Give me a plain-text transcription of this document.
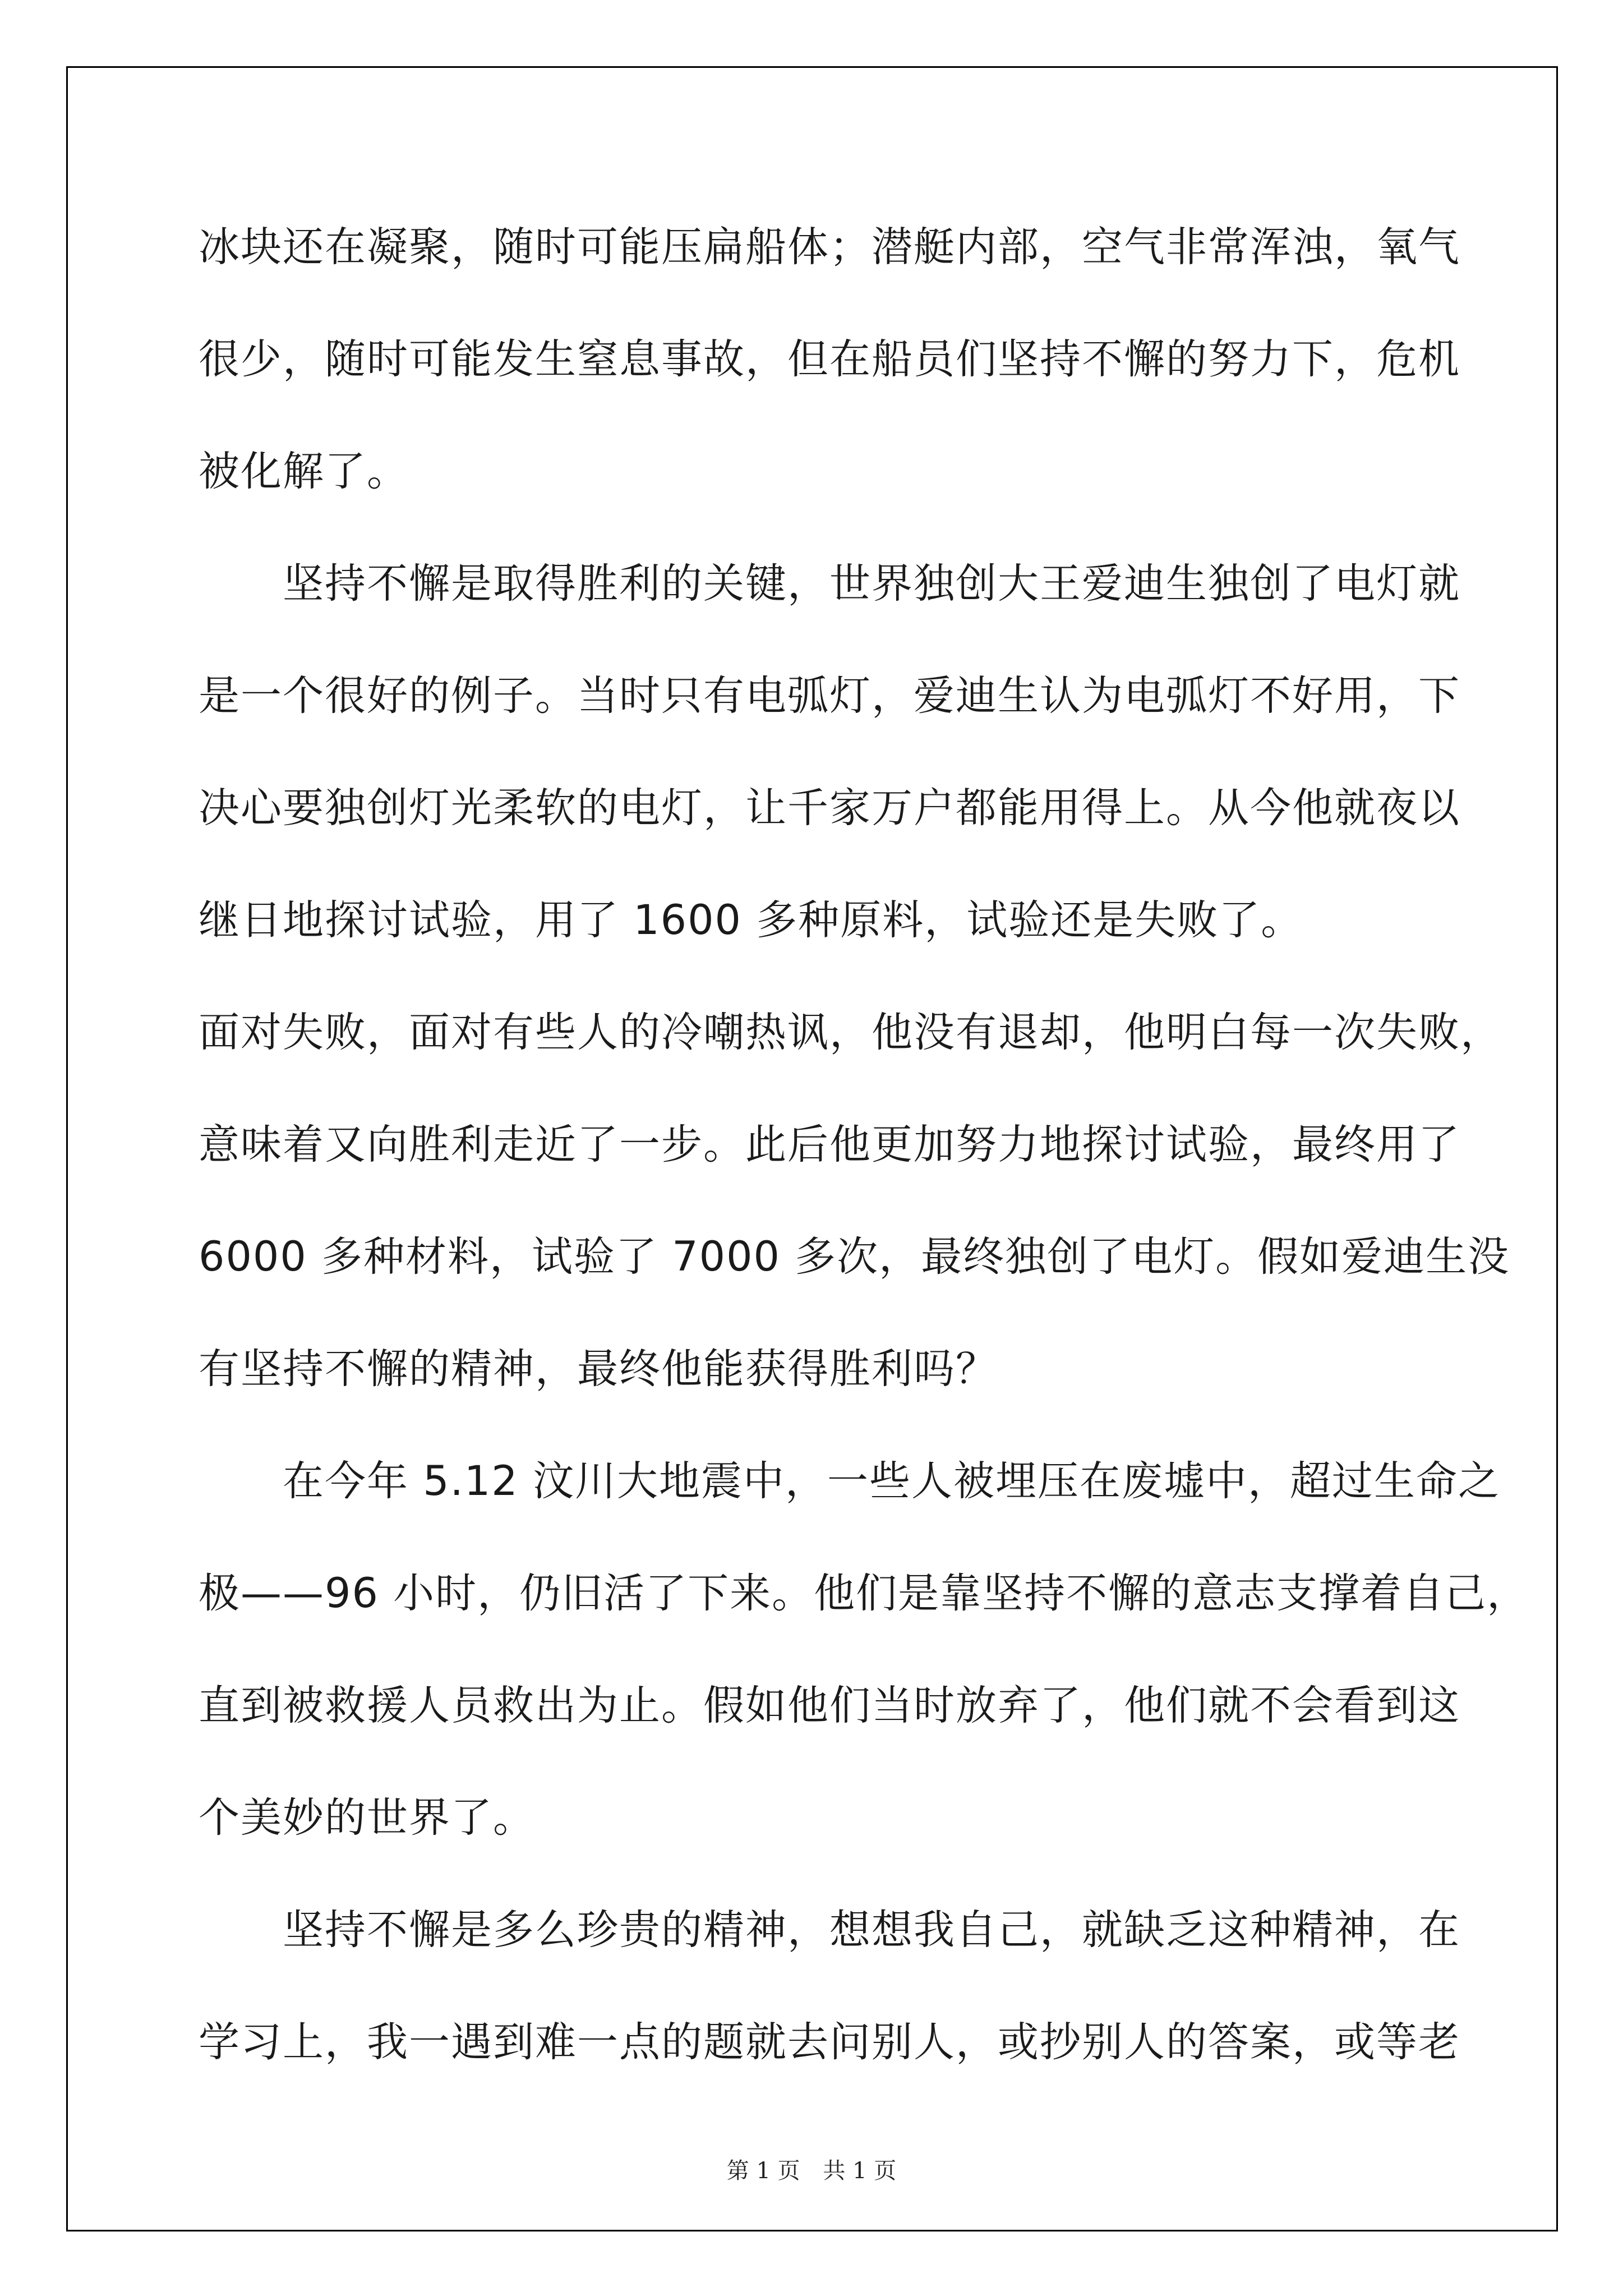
冰块还在凝聚，随时可能压扁船体；潜艇内部，空气非常浑浊，氧气
很少，随时可能发生窒息事故，但在船员们坚持不懈的努力下，危机
被化解了。
坚持不懈是取得胜利的关键，世界独创大王爱迪生独创了电灯就
是一个很好的例子。当时只有电弧灯，爱迪生认为电弧灯不好用，下
决心要独创灯光柔软的电灯，让千家万户都能用得上。从今他就夜以
继日地探讨试验，用了 1600 多种原料，试验还是失败了。
面对失败，面对有些人的冷嘲热讽，他没有退却，他明白每一次失败，
意味着又向胜利走近了一步。此后他更加努力地探讨试验，最终用了
6000 多种材料，试验了 7000 多次，最终独创了电灯。假如爱迪生没
有坚持不懈的精神，最终他能获得胜利吗？
在今年 5.12 汶川大地震中，一些人被埋压在废墟中，超过生命之
极——96 小时，仍旧活了下来。他们是靠坚持不懈的意志支撑着自己，
直到被救援人员救出为止。假如他们当时放弃了，他们就不会看到这
个美妙的世界了。
坚持不懈是多么珍贵的精神，想想我自己，就缺乏这种精神，在
学习上，我一遇到难一点的题就去问别人，或抄别人的答案，或等老
第 1 页 共 1 页
